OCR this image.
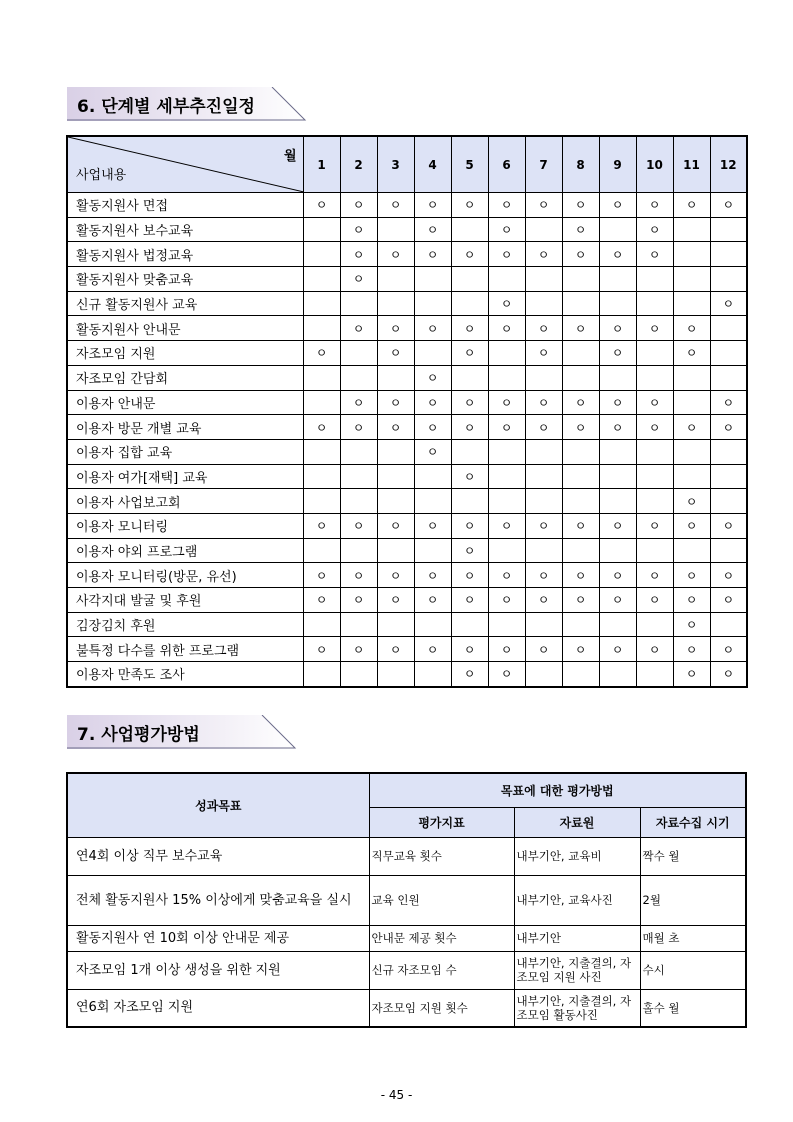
6. 단계별 세부추진일정
월
사업내용	1	2	3	4	5	6	7	8	9	10	11	12
활동지원사 면접	ㅇ	ㅇ	ㅇ	ㅇ	ㅇ	ㅇ	ㅇ	ㅇ	ㅇ	ㅇ	ㅇ	ㅇ
활동지원사 보수교육		ㅇ		ㅇ		ㅇ		ㅇ		ㅇ		
활동지원사 법정교육		ㅇ	ㅇ	ㅇ	ㅇ	ㅇ	ㅇ	ㅇ	ㅇ	ㅇ		
활동지원사 맞춤교육		ㅇ										
신규 활동지원사 교육						ㅇ						ㅇ
활동지원사 안내문		ㅇ	ㅇ	ㅇ	ㅇ	ㅇ	ㅇ	ㅇ	ㅇ	ㅇ	ㅇ	
자조모임 지원	ㅇ		ㅇ		ㅇ		ㅇ		ㅇ		ㅇ	
자조모임 간담회				ㅇ								
이용자 안내문		ㅇ	ㅇ	ㅇ	ㅇ	ㅇ	ㅇ	ㅇ	ㅇ	ㅇ		ㅇ
이용자 방문 개별 교육	ㅇ	ㅇ	ㅇ	ㅇ	ㅇ	ㅇ	ㅇ	ㅇ	ㅇ	ㅇ	ㅇ	ㅇ
이용자 집합 교육				ㅇ								
이용자 여가[재택] 교육					ㅇ							
이용자 사업보고회											ㅇ	
이용자 모니터링	ㅇ	ㅇ	ㅇ	ㅇ	ㅇ	ㅇ	ㅇ	ㅇ	ㅇ	ㅇ	ㅇ	ㅇ
이용자 야외 프로그램					ㅇ							
이용자 모니터링(방문, 유선)	ㅇ	ㅇ	ㅇ	ㅇ	ㅇ	ㅇ	ㅇ	ㅇ	ㅇ	ㅇ	ㅇ	ㅇ
사각지대 발굴 및 후원	ㅇ	ㅇ	ㅇ	ㅇ	ㅇ	ㅇ	ㅇ	ㅇ	ㅇ	ㅇ	ㅇ	ㅇ
김장김치 후원											ㅇ	
불특정 다수를 위한 프로그램	ㅇ	ㅇ	ㅇ	ㅇ	ㅇ	ㅇ	ㅇ	ㅇ	ㅇ	ㅇ	ㅇ	ㅇ
이용자 만족도 조사					ㅇ	ㅇ					ㅇ	ㅇ
7. 사업평가방법
성과목표	목표에 대한 평가방법		
	평가지표	자료원	자료수집 시기
연4회 이상 직무 보수교육	직무교육 횟수	내부기안, 교육비	짝수 월
전체 활동지원사 15% 이상에게 맞춤교육을 실시	교육 인원	내부기안, 교육사진	2월
활동지원사 연 10회 이상 안내문 제공	안내문 제공 횟수	내부기안	매월 초
자조모임 1개 이상 생성을 위한 지원	신규 자조모임 수	내부기안, 지출결의, 자조모임 지원 사진	수시
연6회 자조모임 지원	자조모임 지원 횟수	내부기안, 지출결의, 자조모임 활동사진	홀수 월
- 45 -
